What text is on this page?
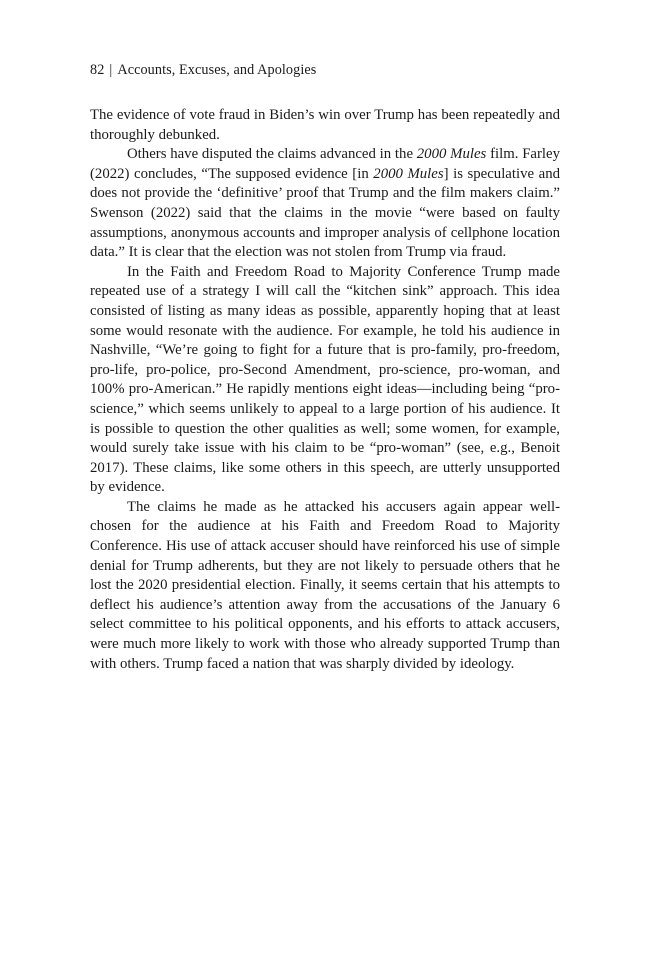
82 | Accounts, Excuses, and Apologies

The evidence of vote fraud in Biden’s win over Trump has been repeatedly and thoroughly debunked.

Others have disputed the claims advanced in the 2000 Mules film. Farley (2022) concludes, “The supposed evidence [in 2000 Mules] is speculative and does not provide the ‘definitive’ proof that Trump and the film makers claim.” Swenson (2022) said that the claims in the movie “were based on faulty assumptions, anonymous accounts and improper analysis of cellphone location data.” It is clear that the election was not stolen from Trump via fraud.

In the Faith and Freedom Road to Majority Conference Trump made repeated use of a strategy I will call the “kitchen sink” approach. This idea consisted of listing as many ideas as possible, apparently hoping that at least some would resonate with the audience. For example, he told his audience in Nashville, “We’re going to fight for a future that is pro-family, pro-freedom, pro-life, pro-police, pro-Second Amendment, pro-science, pro-woman, and 100% pro-American.” He rapidly mentions eight ideas—including being “pro-science,” which seems unlikely to appeal to a large portion of his audience. It is possible to question the other qualities as well; some women, for example, would surely take issue with his claim to be “pro-woman” (see, e.g., Benoit 2017). These claims, like some others in this speech, are utterly unsupported by evidence.

The claims he made as he attacked his accusers again appear well-chosen for the audience at his Faith and Freedom Road to Majority Conference. His use of attack accuser should have reinforced his use of simple denial for Trump adherents, but they are not likely to persuade others that he lost the 2020 presidential election. Finally, it seems certain that his attempts to deflect his audience’s attention away from the accusations of the January 6 select committee to his political opponents, and his efforts to attack accusers, were much more likely to work with those who already supported Trump than with others. Trump faced a nation that was sharply divided by ideology.
